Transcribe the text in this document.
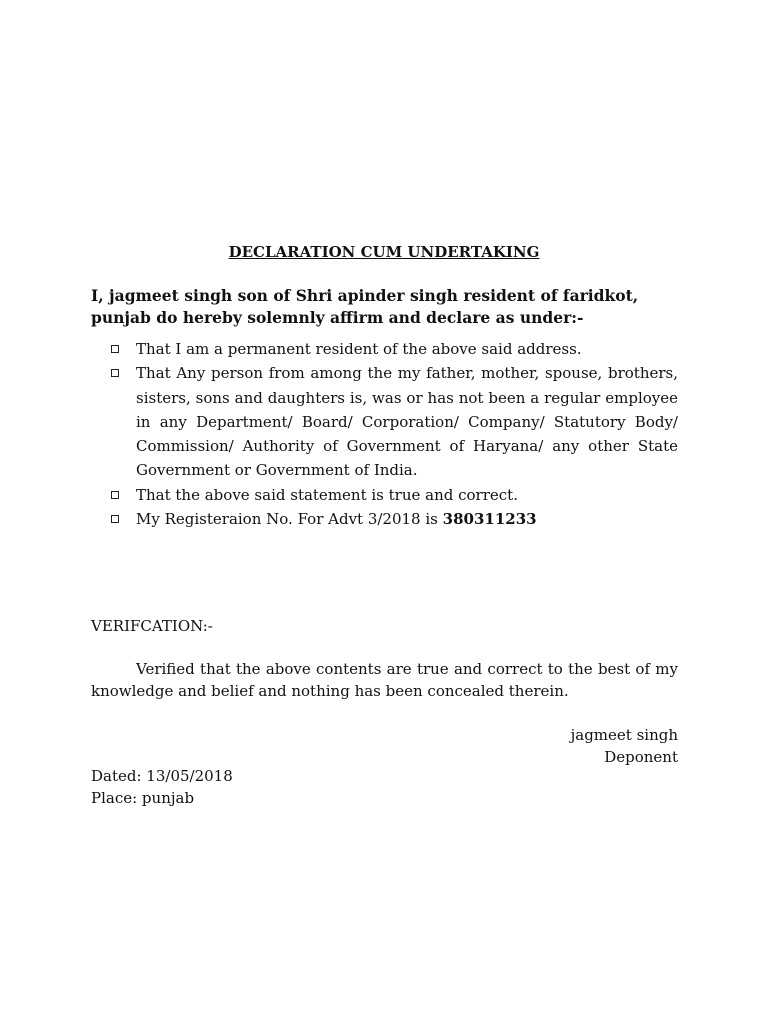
DECLARATION CUM UNDERTAKING
I, jagmeet singh son of Shri apinder singh resident of faridkot, punjab do hereby solemnly affirm and declare as under:-
That I am a permanent resident of the above said address.
That Any person from among the my father, mother, spouse, brothers, sisters, sons and daughters is, was or has not been a regular employee in any Department/ Board/ Corporation/ Company/ Statutory Body/ Commission/ Authority of Government of Haryana/ any other State Government or Government of India.
That the above said statement is true and correct.
My Registeraion No. For Advt 3/2018 is 380311233
VERIFCATION:-
Verified that the above contents are true and correct to the best of my knowledge and belief and nothing has been concealed therein.
jagmeet singh
Deponent
Dated: 13/05/2018
Place: punjab
